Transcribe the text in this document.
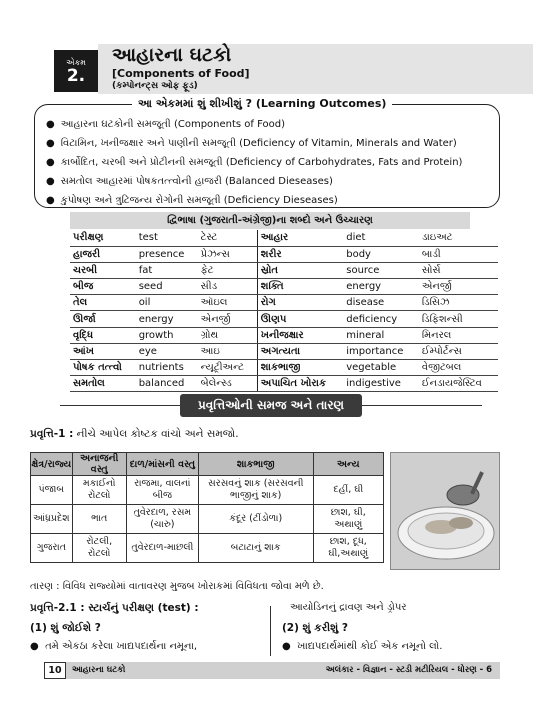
એકમ
2.
આહારના ઘટકો
[Components of Food]
(કમ્પોનન્ટ્સ ઓફ ફૂડ)
આ એકમમાં શું શીખીશું ? (Learning Outcomes)
● આહારના ઘટકોની સમજૂતી (Components of Food)
● વિટામિન, ખનીજક્ષાર અને પાણીની સમજૂતી (Deficiency of Vitamin, Minerals and Water)
● કાર્બોદિત, ચરબી અને પ્રોટીનની સમજૂતી (Deficiency of Carbohydrates, Fats and Protein)
● સમતોલ આહારમાં પોષકતત્ત્વોની હાજરી (Balanced Dieseases)
● કુપોષણ અને ત્રુટિજન્ય રોગોની સમજૂતી (Deficiency Dieseases)
દ્વિભાષા (ગુજરાતી-અંગ્રેજી)ના શબ્દો અને ઉચ્ચારણ
પરીક્ષણ	test	ટેસ્ટ	આહાર	diet	ડાઇઅટ
હાજરી	presence	પ્રેઝન્સ	શરીર	body	બાડી
ચરબી	fat	ફેટ	સ્રોત	source	સોર્સ
બીજ	seed	સીડ	શક્તિ	energy	એનર્જી
તેલ	oil	ઑઇલ	રોગ	disease	ડિસિઝ
ઊર્જા	energy	એનર્જી	ઊણપ	deficiency	ડિફિશન્સી
વૃદ્ધિ	growth	ગ્રોથ	ખનીજક્ષાર	mineral	મિનરલ
આંખ	eye	આઇ	અગત્યતા	importance	ઈમ્પોર્ટન્સ
પોષક તત્ત્વો	nutrients	ન્યૂટ્રીઅન્ટ	શાકભાજી	vegetable	વેજીટબલ
સમતોલ	balanced	બેલેન્સ્ડ	અપાચિત ખોરાક	indigestive	ઈનડાયજેસ્ટિવ
પ્રવૃત્તિઓની સમજ અને તારણ
પ્રવૃત્તિ-1 : નીચે આપેલ કોષ્ટક વાંચો અને સમજો.
ક્ષેત્ર/રાજ્ય	અનાજની વસ્તુ	દાળ/માંસની વસ્તુ	શાકભાજી	અન્ય
પંજાબ	મકાઈનો રોટલો	રાજમા, વાલનાં બીજ	સરસવનું શાક (સરસવની ભાજીનું શાક)	દહીં, ઘી
આંધ્રપ્રદેશ	ભાત	તુવેરદાળ, રસમ (ચારુ)	કંદૂર (ટીંડોળા)	છાશ, ઘી, અથાણું
ગુજરાત	રોટલી, રોટલો	તુવેરદાળ-માછલી	બટાટાનું શાક	છાશ, દૂધ, ઘી,અથાણું
તારણ : વિવિધ રાજ્યોમાં વાતાવરણ મુજબ ખોરાકમાં વિવિધતા જોવા મળે છે.
પ્રવૃત્તિ-2.1 : સ્ટાર્ચનું પરીક્ષણ (test) :	આયોડિનનું દ્રાવણ અને ડ્રોપર
(1) શું જોઈશે ?	(2) શું કરીશું ?
●  તમે એકઠા કરેલા ખાદ્યપદાર્થના નમૂના,	●  ખાદ્યપદાર્થમાંથી કોઈ એક નમૂનો લો.
10	આહારના ઘટકો	અલંકાર - વિજ્ઞાન - સ્ટડી મટીરિયલ - ધોરણ - 6
